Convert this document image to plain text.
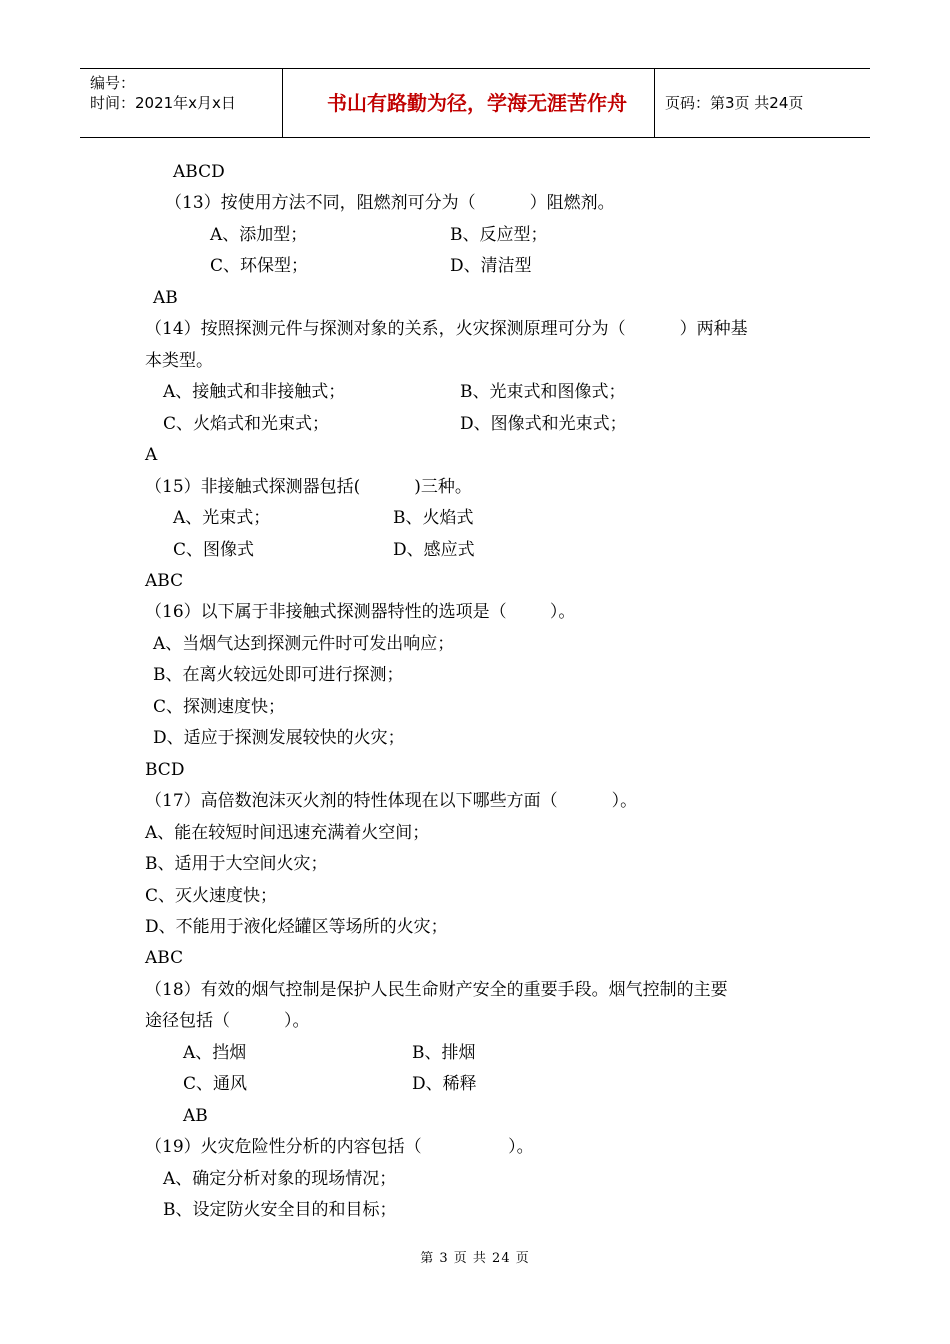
编号：
时间：2021年x月x日	书山有路勤为径，学海无涯苦作舟	页码：第3页 共24页
ABCD
（13）按使用方法不同，阻燃剂可分为（          ）阻燃剂。
A、添加型；	B、反应型；
C、环保型；	D、清洁型
AB
（14）按照探测元件与探测对象的关系，火灾探测原理可分为（          ）两种基
本类型。
A、接触式和非接触式；	B、光束式和图像式；
C、火焰式和光束式；	D、图像式和光束式；
A
（15）非接触式探测器包括(          )三种。
A、光束式；	B、火焰式
C、图像式	D、感应式
ABC
（16）以下属于非接触式探测器特性的选项是（        ）。
A、当烟气达到探测元件时可发出响应；
B、在离火较远处即可进行探测；
C、探测速度快；
D、适应于探测发展较快的火灾；
BCD
（17）高倍数泡沫灭火剂的特性体现在以下哪些方面（          ）。
A、能在较短时间迅速充满着火空间；
B、适用于大空间火灾；
C、灭火速度快；
D、不能用于液化烃罐区等场所的火灾；
ABC
（18）有效的烟气控制是保护人民生命财产安全的重要手段。烟气控制的主要
途径包括（          ）。
A、挡烟	B、排烟
C、通风	D、稀释
AB
（19）火灾危险性分析的内容包括（                ）。
A、确定分析对象的现场情况；
B、设定防火安全目的和目标；
第 3 页 共 24 页
